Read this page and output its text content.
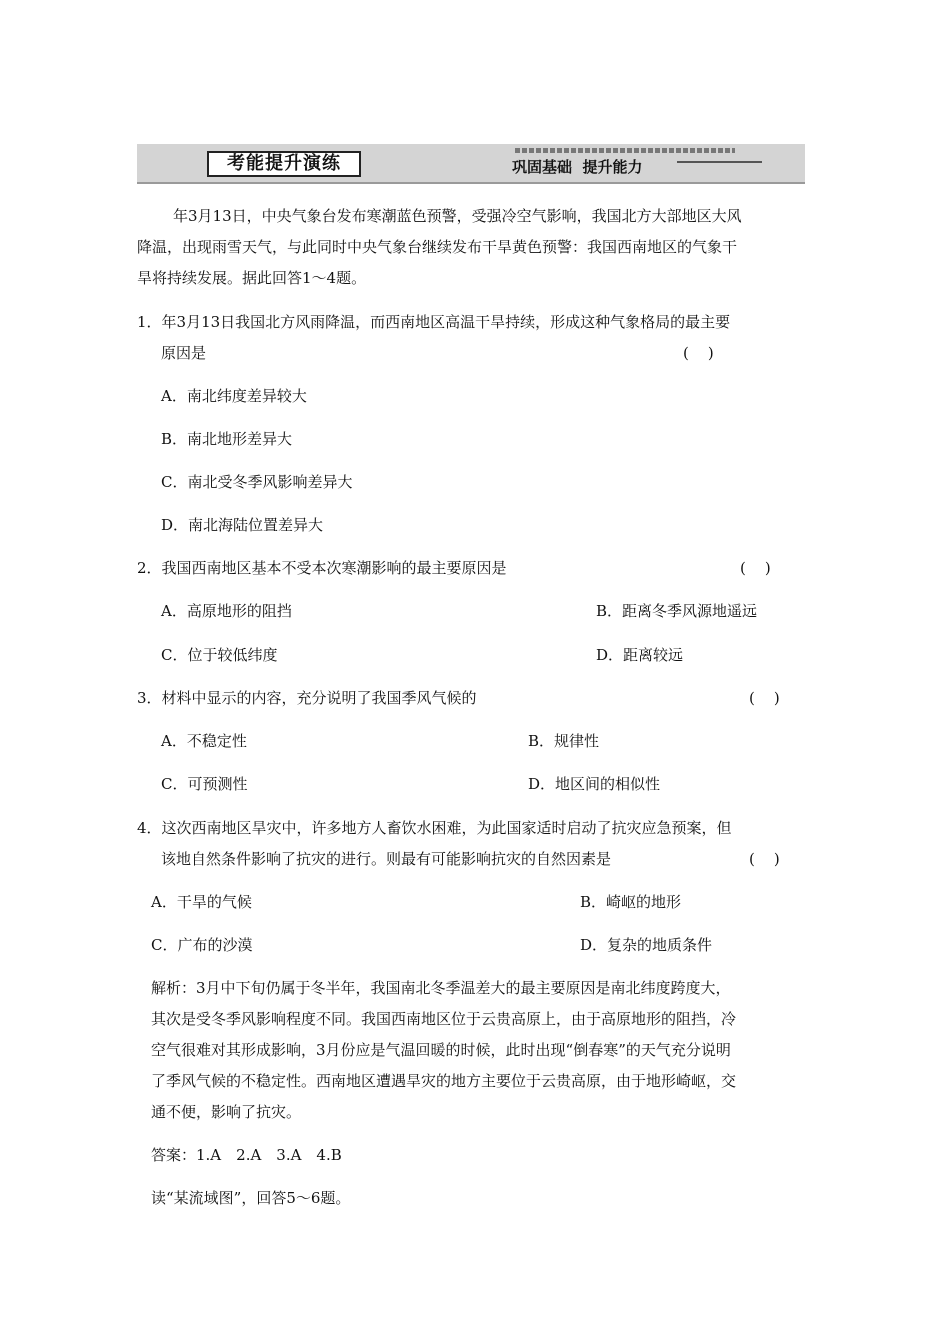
考能提升演练	巩固基础  提升能力
年3月13日，中央气象台发布寒潮蓝色预警，受强冷空气影响，我国北方大部地区大风
降温，出现雨雪天气，与此同时中央气象台继续发布干旱黄色预警：我国西南地区的气象干
旱将持续发展。据此回答1～4题。
1．年3月13日我国北方风雨降温，而西南地区高温干旱持续，形成这种气象格局的最主要
原因是	(    )
A．南北纬度差异较大
B．南北地形差异大
C．南北受冬季风影响差异大
D．南北海陆位置差异大
2．我国西南地区基本不受本次寒潮影响的最主要原因是	(    )
A．高原地形的阻挡	B．距离冬季风源地遥远
C．位于较低纬度	D．距离较远
3．材料中显示的内容，充分说明了我国季风气候的	(    )
A．不稳定性	B．规律性
C．可预测性	D．地区间的相似性
4．这次西南地区旱灾中，许多地方人畜饮水困难，为此国家适时启动了抗灾应急预案，但
该地自然条件影响了抗灾的进行。则最有可能影响抗灾的自然因素是	(    )
A．干旱的气候	B．崎岖的地形
C．广布的沙漠	D．复杂的地质条件
解析：3月中下旬仍属于冬半年，我国南北冬季温差大的最主要原因是南北纬度跨度大，
其次是受冬季风影响程度不同。我国西南地区位于云贵高原上，由于高原地形的阻挡，冷
空气很难对其形成影响，3月份应是气温回暖的时候，此时出现“倒春寒”的天气充分说明
了季风气候的不稳定性。西南地区遭遇旱灾的地方主要位于云贵高原，由于地形崎岖，交
通不便，影响了抗灾。
答案：1.A　2.A　3.A　4.B
读“某流域图”，回答5～6题。
